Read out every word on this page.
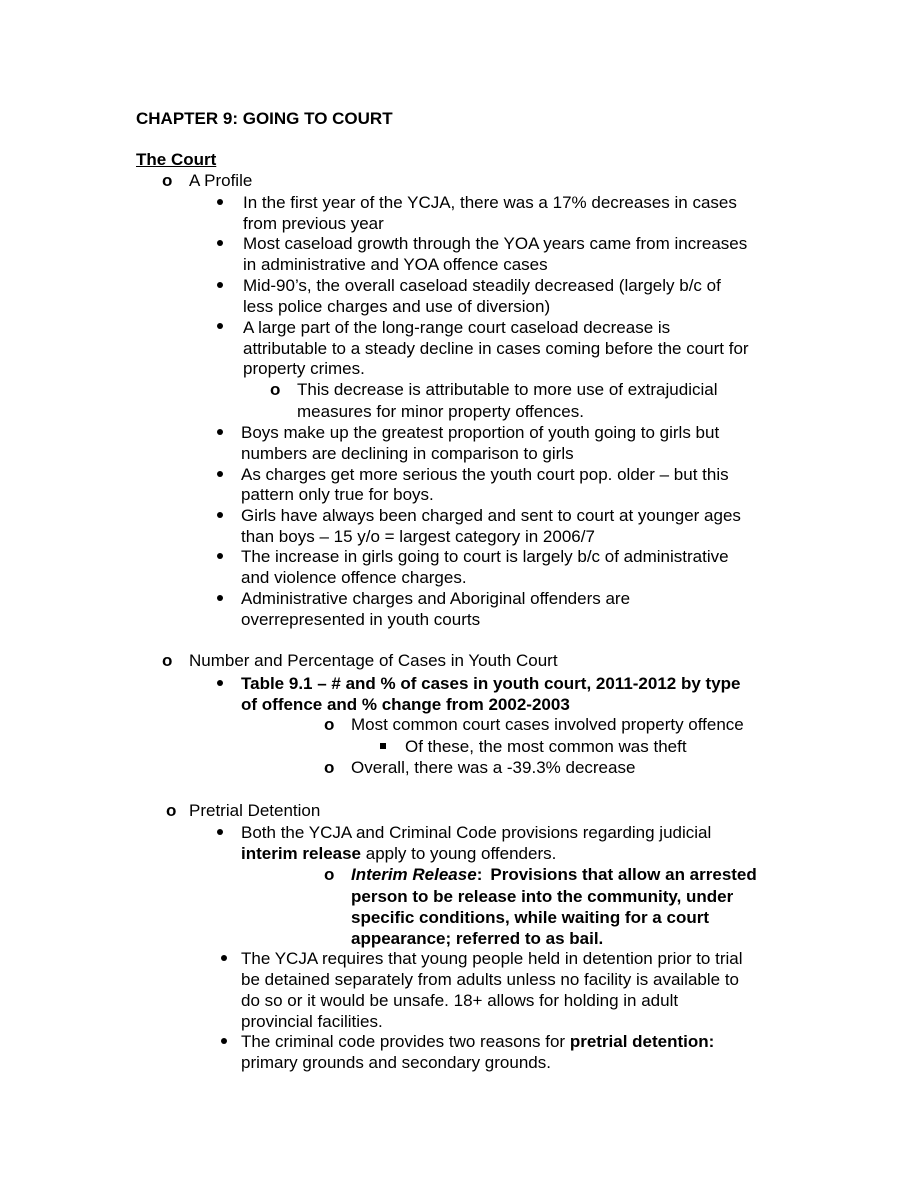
CHAPTER 9: GOING TO COURT
The Court
o A Profile
In the first year of the YCJA, there was a 17% decreases in cases
from previous year
Most caseload growth through the YOA years came from increases
in administrative and YOA offence cases
Mid-90’s, the overall caseload steadily decreased (largely b/c of
less police charges and use of diversion)
A large part of the long-range court caseload decrease is
attributable to a steady decline in cases coming before the court for
property crimes.
o This decrease is attributable to more use of extrajudicial
measures for minor property offences.
Boys make up the greatest proportion of youth going to girls but
numbers are declining in comparison to girls
As charges get more serious the youth court pop. older – but this
pattern only true for boys.
Girls have always been charged and sent to court at younger ages
than boys – 15 y/o = largest category in 2006/7
The increase in girls going to court is largely b/c of administrative
and violence offence charges.
Administrative charges and Aboriginal offenders are
overrepresented in youth courts
o Number and Percentage of Cases in Youth Court
Table 9.1 – # and % of cases in youth court, 2011-2012 by type
of offence and % change from 2002-2003
o Most common court cases involved property offence
Of these, the most common was theft
o Overall, there was a -39.3% decrease
o Pretrial Detention
Both the YCJA and Criminal Code provisions regarding judicial
interim release apply to young offenders.
o Interim Release: Provisions that allow an arrested
person to be release into the community, under
specific conditions, while waiting for a court
appearance; referred to as bail.
The YCJA requires that young people held in detention prior to trial
be detained separately from adults unless no facility is available to
do so or it would be unsafe. 18+ allows for holding in adult
provincial facilities.
The criminal code provides two reasons for pretrial detention:
primary grounds and secondary grounds.
